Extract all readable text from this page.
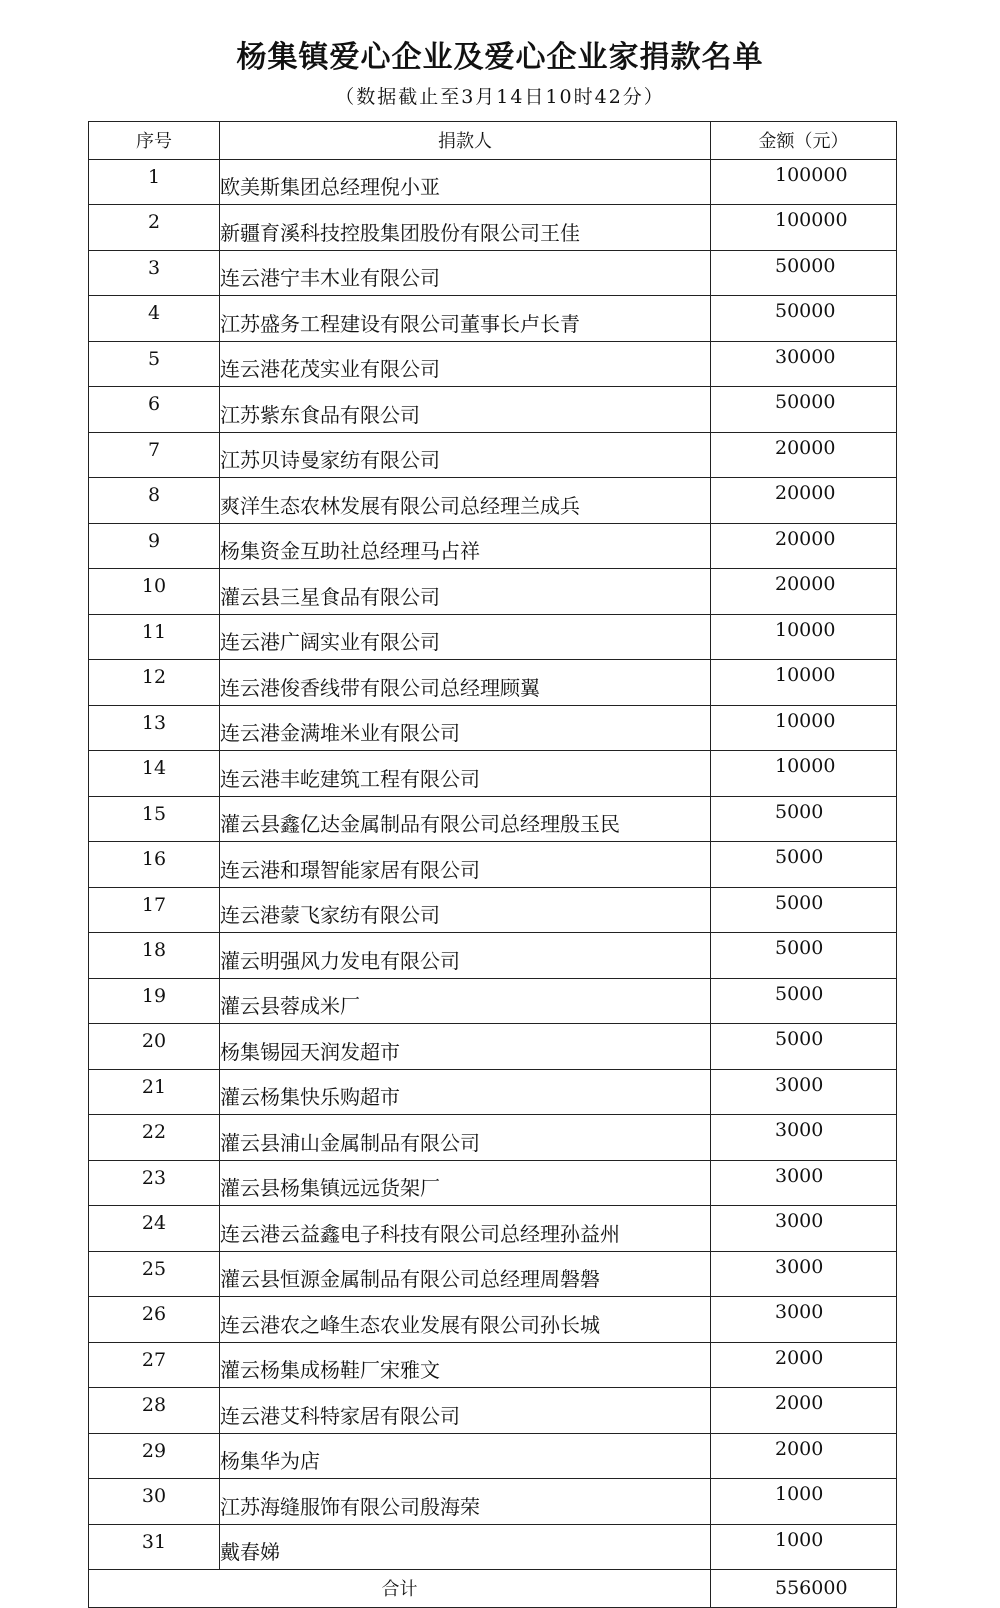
杨集镇爱心企业及爱心企业家捐款名单
（数据截止至3月14日10时42分）
序号	捐款人	金额（元）
1	欧美斯集团总经理倪小亚	100000
2	新疆育溪科技控股集团股份有限公司王佳	100000
3	连云港宁丰木业有限公司	50000
4	江苏盛务工程建设有限公司董事长卢长青	50000
5	连云港花茂实业有限公司	30000
6	江苏紫东食品有限公司	50000
7	江苏贝诗曼家纺有限公司	20000
8	爽洋生态农林发展有限公司总经理兰成兵	20000
9	杨集资金互助社总经理马占祥	20000
10	灌云县三星食品有限公司	20000
11	连云港广阔实业有限公司	10000
12	连云港俊香线带有限公司总经理顾翼	10000
13	连云港金满堆米业有限公司	10000
14	连云港丰屹建筑工程有限公司	10000
15	灌云县鑫亿达金属制品有限公司总经理殷玉民	5000
16	连云港和璟智能家居有限公司	5000
17	连云港蒙飞家纺有限公司	5000
18	灌云明强风力发电有限公司	5000
19	灌云县蓉成米厂	5000
20	杨集锡园天润发超市	5000
21	灌云杨集快乐购超市	3000
22	灌云县浦山金属制品有限公司	3000
23	灌云县杨集镇远远货架厂	3000
24	连云港云益鑫电子科技有限公司总经理孙益州	3000
25	灌云县恒源金属制品有限公司总经理周磐磐	3000
26	连云港农之峰生态农业发展有限公司孙长城	3000
27	灌云杨集成杨鞋厂宋雅文	2000
28	连云港艾科特家居有限公司	2000
29	杨集华为店	2000
30	江苏海缝服饰有限公司殷海荣	1000
31	戴春娣	1000
合计		556000
